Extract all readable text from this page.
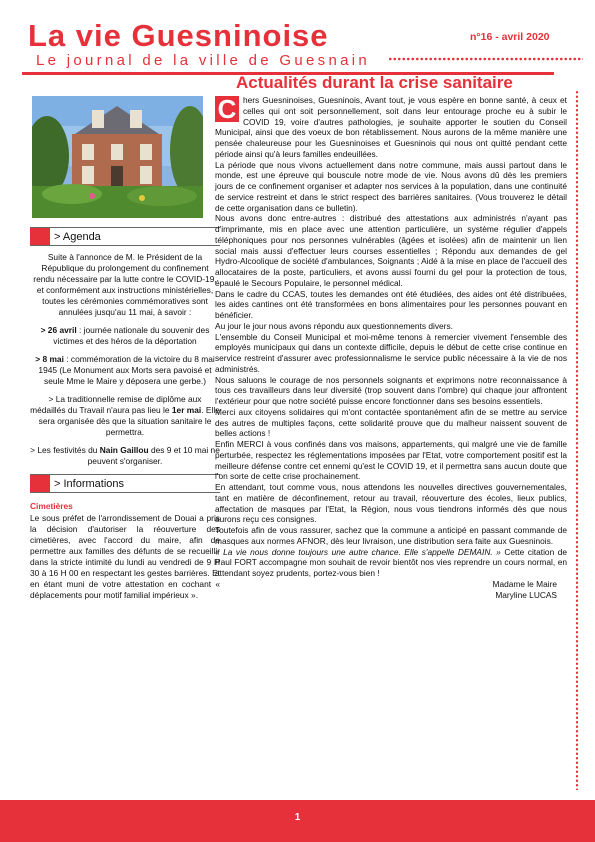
La vie Guesninoise
Le journal de la ville de Guesnain
n°16 - avril 2020
Actualités durant la crise sanitaire
> Agenda

Suite à l'annonce de M. le Président de la République du prolongement du confinement rendu nécessaire par la lutte contre le COVID-19, et conformément aux instructions ministérielles, toutes les cérémonies commémoratives sont annulées jusqu'au 11 mai, à savoir :

> 26 avril : journée nationale du souvenir des victimes et des héros de la déportation

> 8 mai : commémoration de la victoire du 8 mai 1945 (Le Monument aux Morts sera pavoisé et seule Mme le Maire y déposera une gerbe.)

> La traditionnelle remise de diplôme aux médaillés du Travail n'aura pas lieu le 1er mai. Elle sera organisée dès que la situation sanitaire le permettra.

> Les festivités du Nain Gaillou des 9 et 10 mai ne peuvent s'organiser.

> Informations

Cimetières

Le sous préfet de l'arrondissement de Douai a pris la décision d'autoriser la réouverture des cimetières, avec l'accord du maire, afin de permettre aux familles des défunts de se recueillir dans la stricte intimité du lundi au vendredi de 9 H 30 à 16 H 00 en respectant les gestes barrières. Et en étant muni de votre attestation en cochant « déplacements pour motif familial impérieux ».

C hers Guesninoises, Guesninois, Avant tout, je vous espère en bonne santé, à ceux et celles qui ont soit personnellement, soit dans leur entourage proche eu à subir le COVID 19, voire d'autres pathologies, je souhaite apporter le soutien du Conseil Municipal, ainsi que des voeux de bon rétablissement. Nous aurons de la même manière une pensée chaleureuse pour les Guesninoises et Guesninois qui nous ont quitté pendant cette période ainsi qu'à leurs familles endeuillées.

La période que nous vivons actuellement dans notre commune, mais aussi partout dans le monde, est une épreuve qui bouscule notre mode de vie. Nous avons dû dès les premiers jours de ce confinement organiser et adapter nos services à la population, dans une continuité de service restreint et dans le strict respect des barrières sanitaires. (Vous trouverez le détail de cette organisation dans ce bulletin).

Nous avons donc entre-autres : distribué des attestations aux administrés n'ayant pas d'imprimante, mis en place avec une attention particulière, un système régulier d'appels téléphoniques pour nos personnes vulnérables (âgées et isolées) afin de maintenir un lien social mais aussi d'effectuer leurs courses essentielles ; Répondu aux demandes de gel Hydro-Alcoolique de société d'ambulances, Soignants ; Aidé à la mise en place de l'accueil des allocataires de la poste, particuliers, et avons aussi fourni du gel pour la protection de tous, épaulé le Secours Populaire, le personnel médical.

Dans le cadre du CCAS, toutes les demandes ont été étudiées, des aides ont été distribuées, les aides cantines ont été transformées en bons alimentaires pour les personnes pouvant en bénéficier.

Au jour le jour nous avons répondu aux questionnements divers.

L'ensemble du Conseil Municipal et moi-même tenons à remercier vivement l'ensemble des employés municipaux qui dans un contexte difficile, depuis le début de cette crise continue en service restreint d'assurer avec professionnalisme le service public nécessaire à la vie de nos administrés.

Nous saluons le courage de nos personnels soignants et exprimons notre reconnaissance à tous ces travailleurs dans leur diversité (trop souvent dans l'ombre) qui chaque jour affrontent l'extérieur pour que notre société puisse encore fonctionner dans ses besoins essentiels.

Merci aux citoyens solidaires qui m'ont contactée spontanément afin de se mettre au service des autres de multiples façons, cette solidarité prouve que du malheur naissent souvent de belles actions !

Enfin MERCI à vous confinés dans vos maisons, appartements, qui malgré une vie de famille perturbée, respectez les réglementations imposées par l'Etat, votre comportement positif est la meilleure défense contre cet ennemi qu'est le COVID 19, et il permettra sans aucun doute que l'on sorte de cette crise prochainement.

En attendant, tout comme vous, nous attendons les nouvelles directives gouvernementales, tant en matière de déconfinement, retour au travail, réouverture des écoles, lieux publics, affectation de masques par l'Etat, la Région, nous vous tiendrons informés dès que nous aurons reçu ces consignes.

Toutefois afin de vous rassurer, sachez que la commune a anticipé en passant commande de masques aux normes AFNOR, dès leur livraison, une distribution sera faite aux Guesninois.

« La vie nous donne toujours une autre chance. Elle s'appelle DEMAIN. » Cette citation de Paul FORT accompagne mon souhait de revoir bientôt nos vies reprendre un cours normal, en attendant soyez prudents, portez-vous bien !

Madame le Maire

Maryline LUCAS

1
